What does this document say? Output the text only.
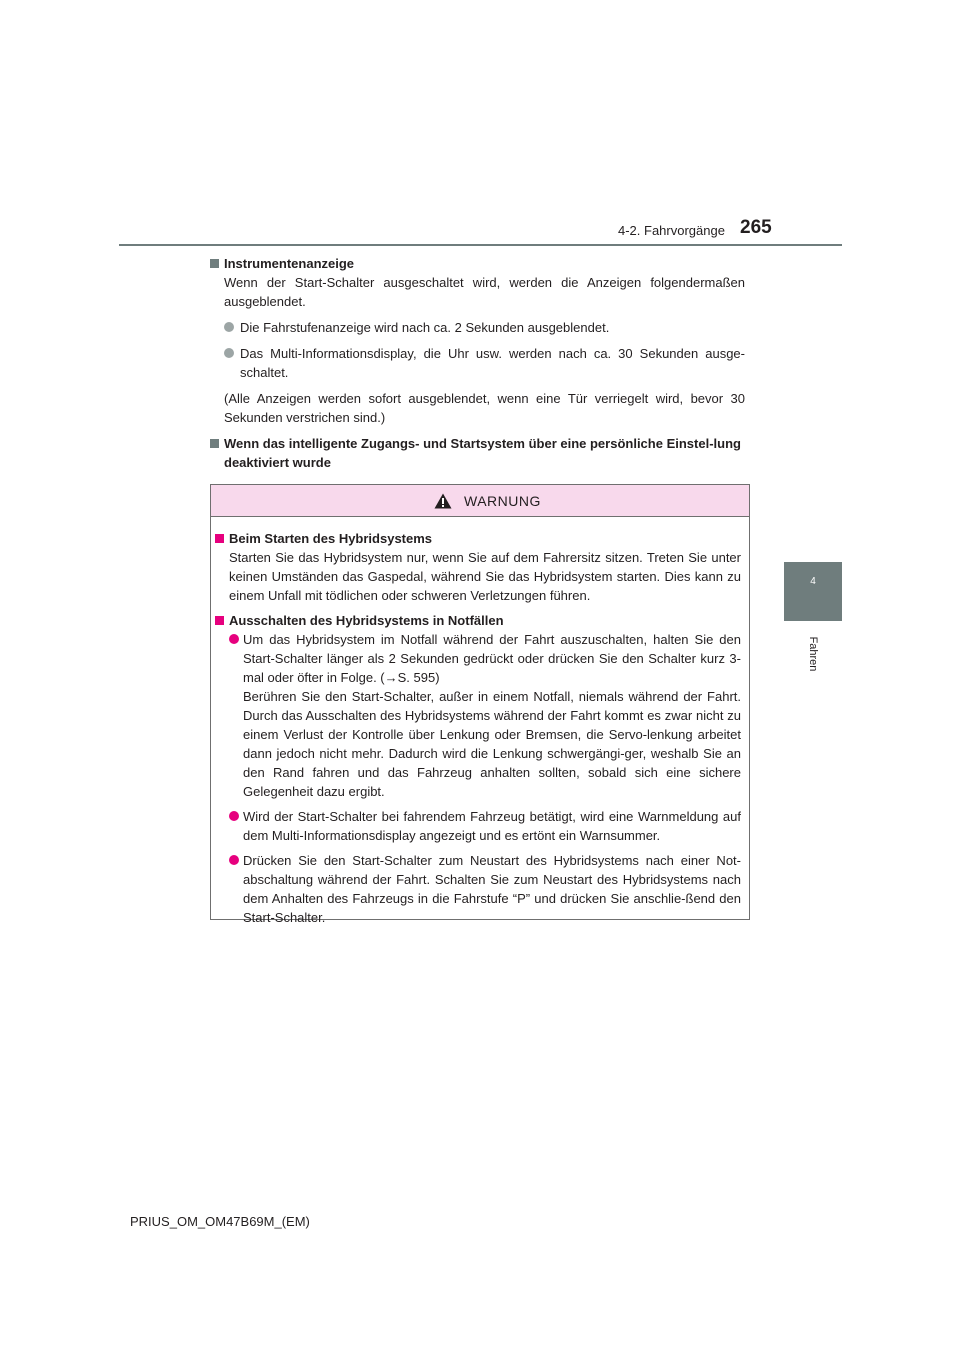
4-2. Fahrvorgänge 265
4
Fahren
Instrumentenanzeige
Wenn der Start-Schalter ausgeschaltet wird, werden die Anzeigen folgendermaßen ausgeblendet.
Die Fahrstufenanzeige wird nach ca. 2 Sekunden ausgeblendet.
Das Multi-Informationsdisplay, die Uhr usw. werden nach ca. 30 Sekunden ausge-schaltet.
(Alle Anzeigen werden sofort ausgeblendet, wenn eine Tür verriegelt wird, bevor 30 Sekunden verstrichen sind.)
Wenn das intelligente Zugangs- und Startsystem über eine persönliche Einstel-lung deaktiviert wurde
WARNUNG
Beim Starten des Hybridsystems
Starten Sie das Hybridsystem nur, wenn Sie auf dem Fahrersitz sitzen. Treten Sie unter keinen Umständen das Gaspedal, während Sie das Hybridsystem starten. Dies kann zu einem Unfall mit tödlichen oder schweren Verletzungen führen.
Ausschalten des Hybridsystems in Notfällen
Um das Hybridsystem im Notfall während der Fahrt auszuschalten, halten Sie den Start-Schalter länger als 2 Sekunden gedrückt oder drücken Sie den Schalter kurz 3-mal oder öfter in Folge. (→S. 595)
Berühren Sie den Start-Schalter, außer in einem Notfall, niemals während der Fahrt. Durch das Ausschalten des Hybridsystems während der Fahrt kommt es zwar nicht zu einem Verlust der Kontrolle über Lenkung oder Bremsen, die Servo-lenkung arbeitet dann jedoch nicht mehr. Dadurch wird die Lenkung schwergängi-ger, weshalb Sie an den Rand fahren und das Fahrzeug anhalten sollten, sobald sich eine sichere Gelegenheit dazu ergibt.
Wird der Start-Schalter bei fahrendem Fahrzeug betätigt, wird eine Warnmeldung auf dem Multi-Informationsdisplay angezeigt und es ertönt ein Warnsummer.
Drücken Sie den Start-Schalter zum Neustart des Hybridsystems nach einer Not-abschaltung während der Fahrt. Schalten Sie zum Neustart des Hybridsystems nach dem Anhalten des Fahrzeugs in die Fahrstufe “P” und drücken Sie anschlie-ßend den Start-Schalter.
PRIUS_OM_OM47B69M_(EM)
